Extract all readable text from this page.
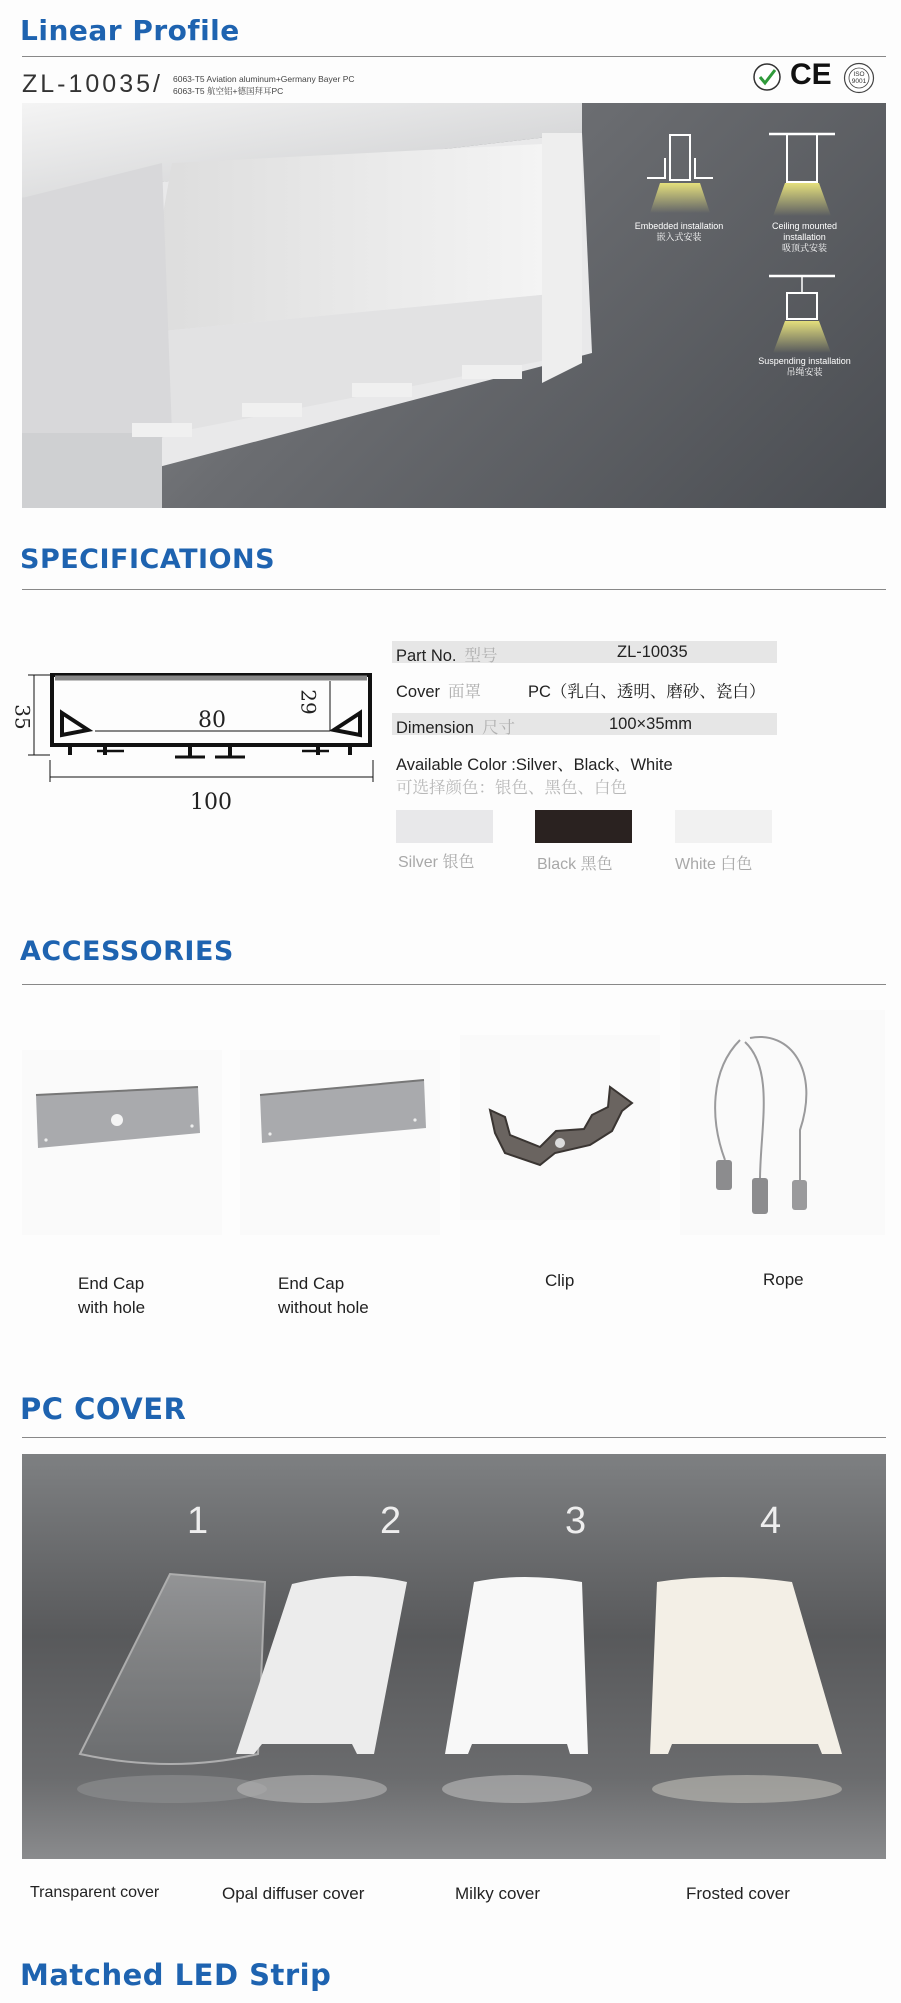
Linear Profile
ZL-10035/ 6063-T5 Aviation aluminum+Germany Bayer PC
6063-T5 航空铝+德国拜耳PC	CE	ISO 9001
Embedded installation
嵌入式安装
Ceiling mounted installation
吸顶式安装
Suspending installation
吊绳安装
SPECIFICATIONS
35
29
80
100
Part No. 型号	ZL-10035
Cover 面罩	PC（乳白、透明、磨砂、瓷白）
Dimension 尺寸	100×35mm
Available Color :Silver、Black、White
可选择颜色：银色、黑色、白色
Silver 银色	Black 黑色	White 白色
ACCESSORIES
End Cap
with hole
End Cap
without hole
Clip	Rope
PC COVER
1	2	3	4
Transparent cover	Opal diffuser cover	Milky cover	Frosted cover
Matched LED Strip
